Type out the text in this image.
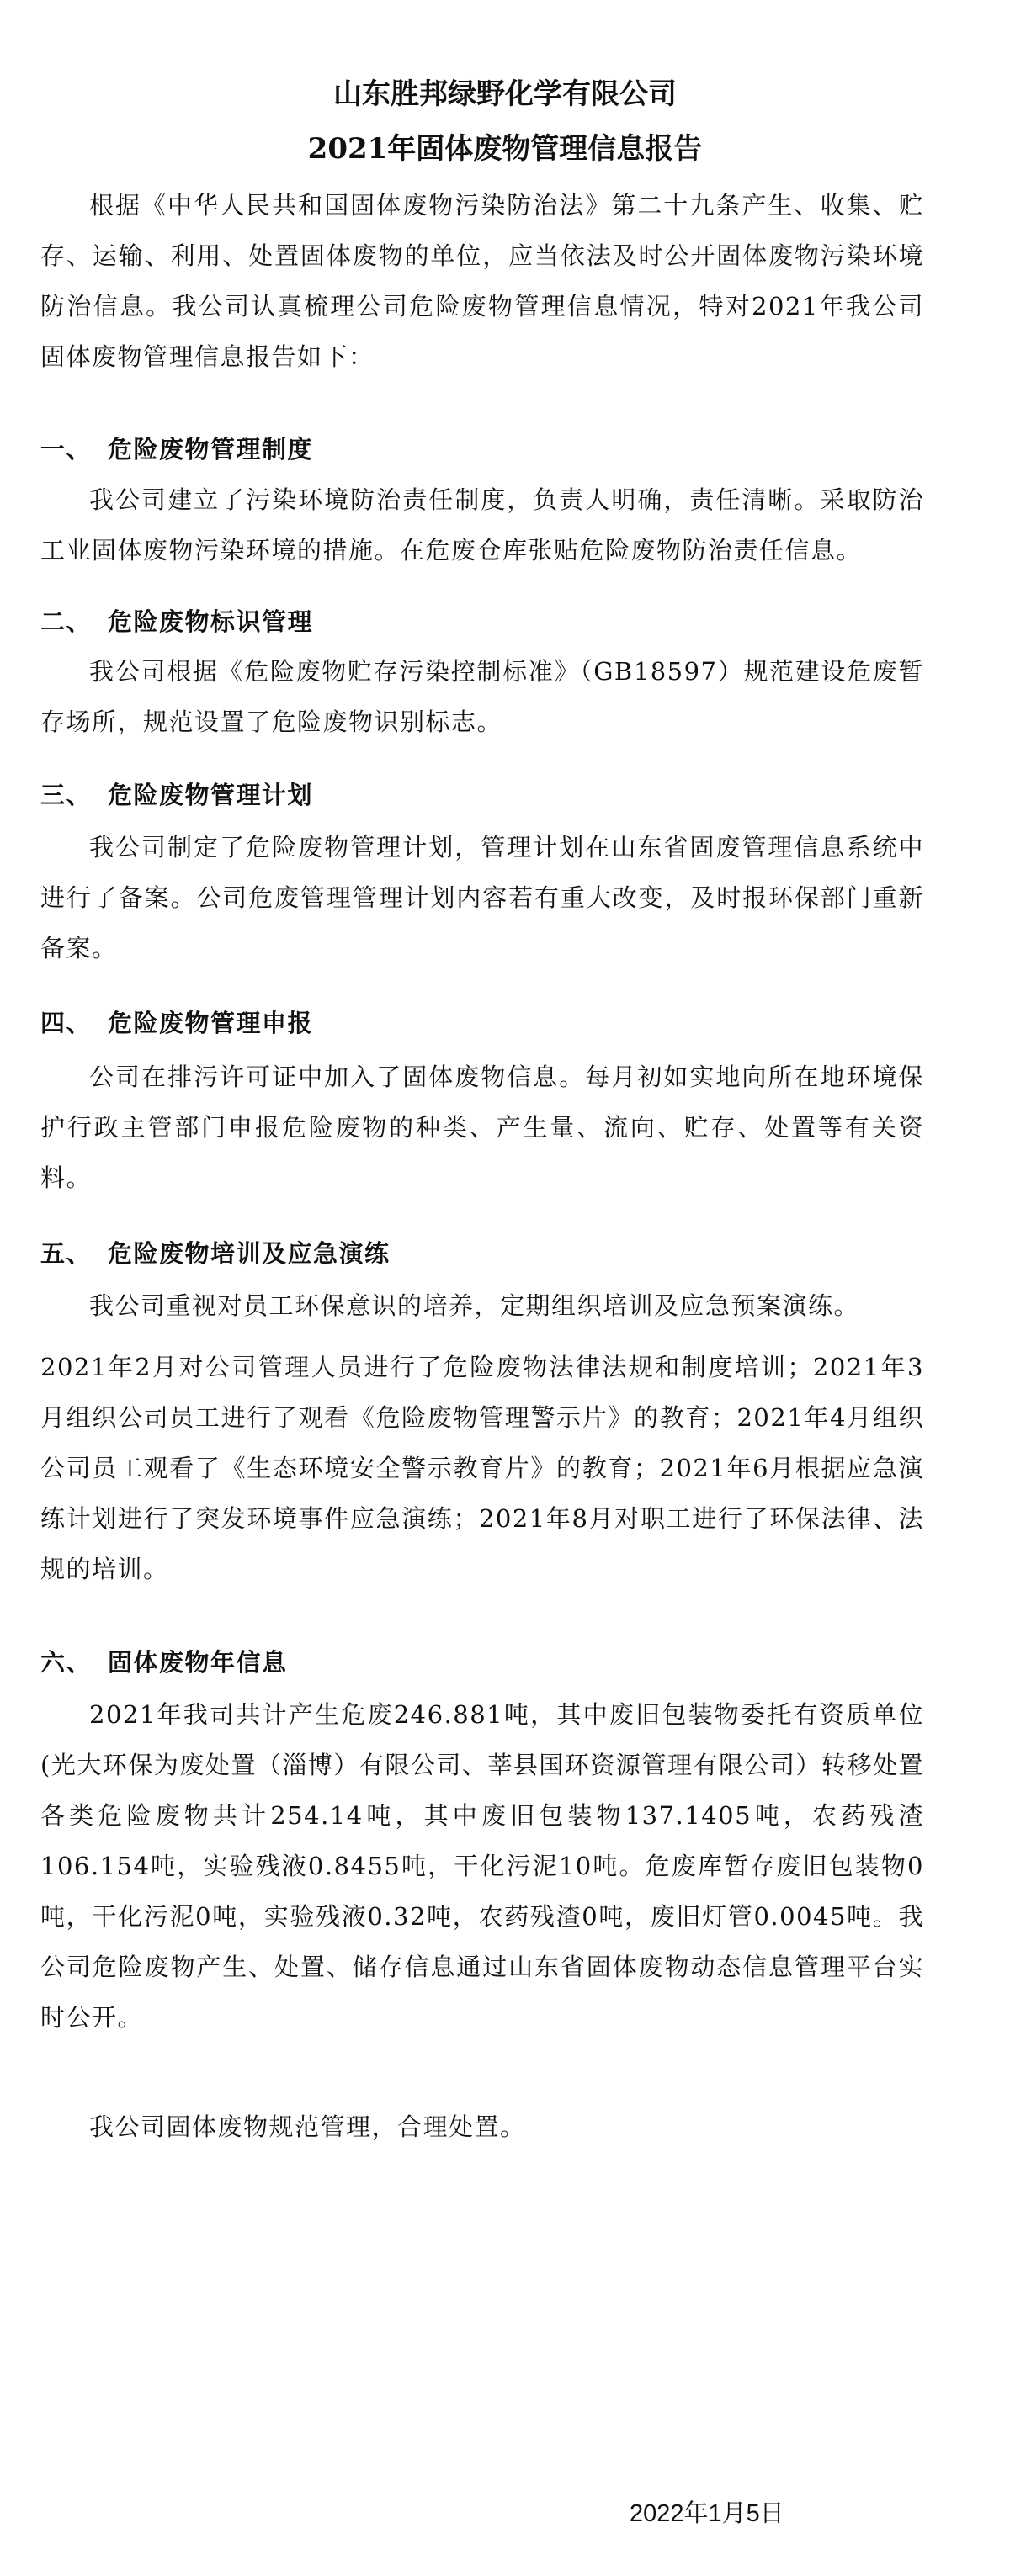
山东胜邦绿野化学有限公司
2021年固体废物管理信息报告

根据《中华人民共和国固体废物污染防治法》第二十九条产生、收集、贮存、运输、利用、处置固体废物的单位，应当依法及时公开固体废物污染环境防治信息。我公司认真梳理公司危险废物管理信息情况，特对2021年我公司固体废物管理信息报告如下：

一、 危险废物管理制度

我公司建立了污染环境防治责任制度，负责人明确，责任清晰。采取防治工业固体废物污染环境的措施。在危废仓库张贴危险废物防治责任信息。

二、 危险废物标识管理

我公司根据《危险废物贮存污染控制标准》（GB18597）规范建设危废暂存场所，规范设置了危险废物识别标志。

三、 危险废物管理计划

我公司制定了危险废物管理计划，管理计划在山东省固废管理信息系统中进行了备案。公司危废管理管理计划内容若有重大改变，及时报环保部门重新备案。

四、 危险废物管理申报

公司在排污许可证中加入了固体废物信息。每月初如实地向所在地环境保护行政主管部门申报危险废物的种类、产生量、流向、贮存、处置等有关资料。

五、 危险废物培训及应急演练

我公司重视对员工环保意识的培养，定期组织培训及应急预案演练。

2021年2月对公司管理人员进行了危险废物法律法规和制度培训；2021年3月组织公司员工进行了观看《危险废物管理警示片》的教育；2021年4月组织公司员工观看了《生态环境安全警示教育片》的教育；2021年6月根据应急演练计划进行了突发环境事件应急演练；2021年8月对职工进行了环保法律、法规的培训。

六、 固体废物年信息

2021年我司共计产生危废246.881吨，其中废旧包装物委托有资质单位(光大环保为废处置（淄博）有限公司、莘县国环资源管理有限公司）转移处置各类危险废物共计254.14吨，其中废旧包装物137.1405吨，农药残渣106.154吨，实验残液0.8455吨，干化污泥10吨。危废库暂存废旧包装物0吨，干化污泥0吨，实验残液0.32吨，农药残渣0吨，废旧灯管0.0045吨。我公司危险废物产生、处置、储存信息通过山东省固体废物动态信息管理平台实时公开。

我公司固体废物规范管理，合理处置。

2022年1月5日
